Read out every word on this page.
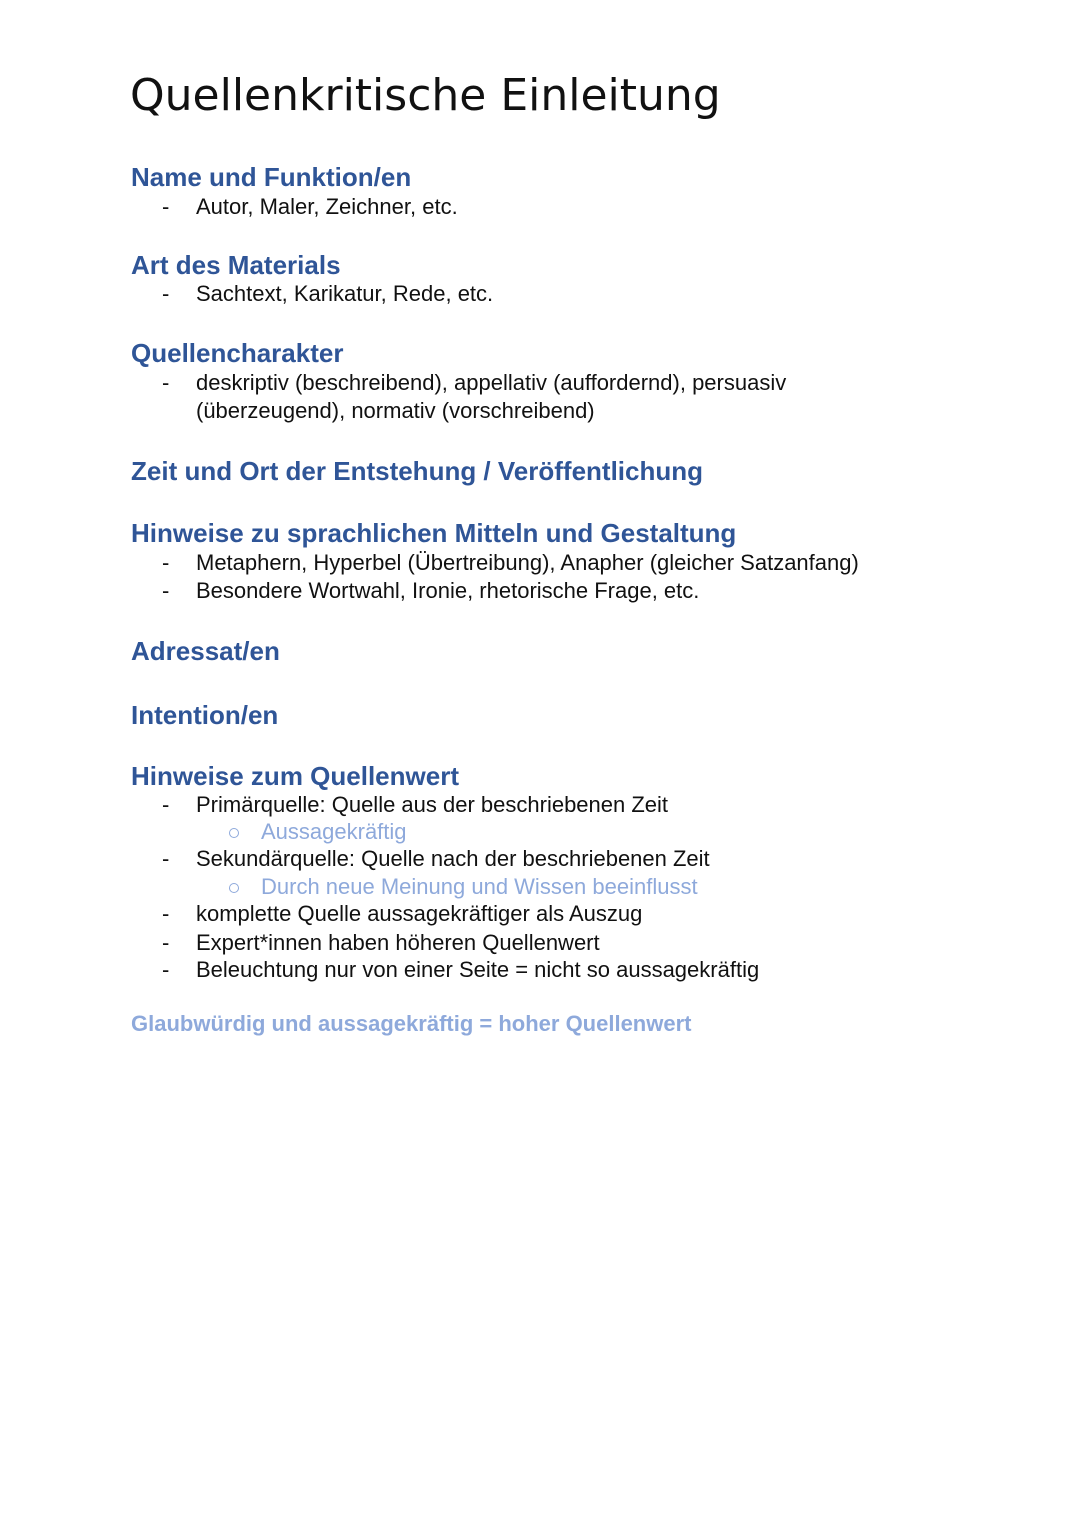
Quellenkritische Einleitung
Name und Funktion/en
- Autor, Maler, Zeichner, etc.
Art des Materials
- Sachtext, Karikatur, Rede, etc.
Quellencharakter
- deskriptiv (beschreibend), appellativ (auffordernd), persuasiv
(überzeugend), normativ (vorschreibend)
Zeit und Ort der Entstehung / Veröffentlichung
Hinweise zu sprachlichen Mitteln und Gestaltung
- Metaphern, Hyperbel (Übertreibung), Anapher (gleicher Satzanfang)
- Besondere Wortwahl, Ironie, rhetorische Frage, etc.
Adressat/en
Intention/en
Hinweise zum Quellenwert
- Primärquelle: Quelle aus der beschriebenen Zeit
Aussagekräftig
- Sekundärquelle: Quelle nach der beschriebenen Zeit
Durch neue Meinung und Wissen beeinflusst
- komplette Quelle aussagekräftiger als Auszug
- Expert*innen haben höheren Quellenwert
- Beleuchtung nur von einer Seite = nicht so aussagekräftig
Glaubwürdig und aussagekräftig = hoher Quellenwert
